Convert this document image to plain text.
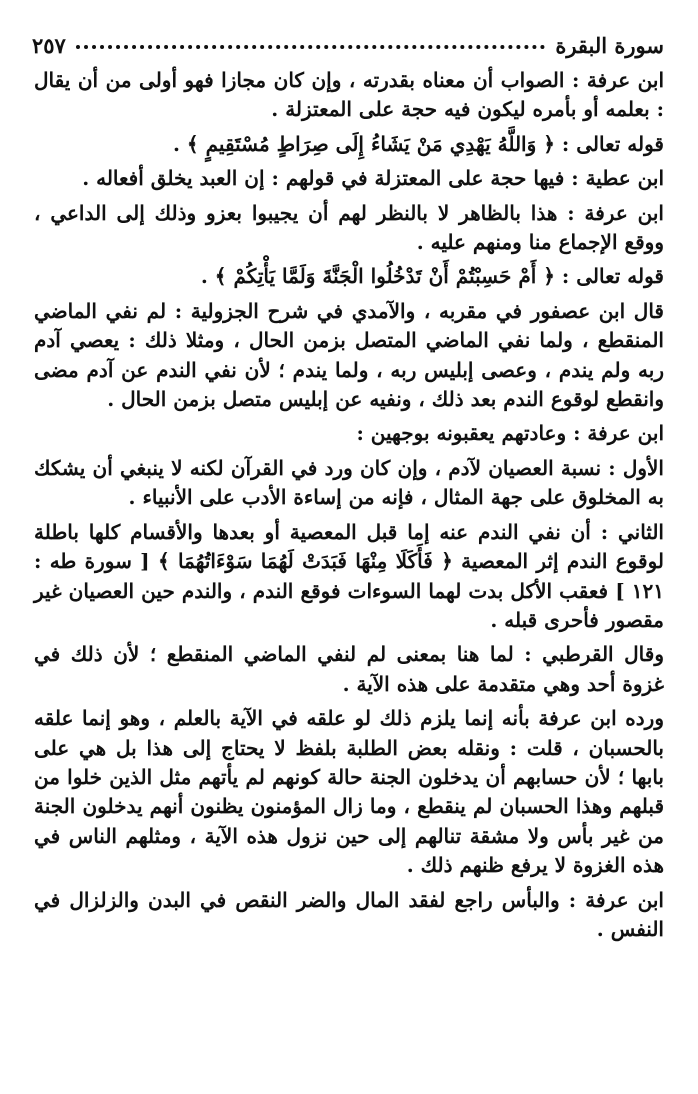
سورة البقرة
٢٥٧

ابن عرفة : الصواب أن معناه بقدرته ، وإن كان مجازا فهو أولى من أن يقال : بعلمه أو بأمره ليكون فيه حجة على المعتزلة .

قوله تعالى : ﴿ وَاللَّهُ يَهْدِي مَنْ يَشَاءُ إِلَى صِرَاطٍ مُسْتَقِيمٍ ﴾ .

ابن عطية : فيها حجة على المعتزلة في قولهم : إن العبد يخلق أفعاله .

ابن عرفة : هذا بالظاهر لا بالنظر لهم أن يجيبوا بعزو وذلك إلى الداعي ، ووقع الإجماع منا ومنهم عليه .

قوله تعالى : ﴿ أَمْ حَسِبْتُمْ أَنْ تَدْخُلُوا الْجَنَّةَ وَلَمَّا يَأْتِكُمْ ﴾ .

قال ابن عصفور في مقربه ، والآمدي في شرح الجزولية : لم نفي الماضي المنقطع ، ولما نفي الماضي المتصل بزمن الحال ، ومثلا ذلك : يعصي آدم ربه ولم يندم ، وعصى إبليس ربه ، ولما يندم ؛ لأن نفي الندم عن آدم مضى وانقطع لوقوع الندم بعد ذلك ، ونفيه عن إبليس متصل بزمن الحال .

ابن عرفة : وعادتهم يعقبونه بوجهين :

الأول : نسبة العصيان لآدم ، وإن كان ورد في القرآن لكنه لا ينبغي أن يشكك به المخلوق على جهة المثال ، فإنه من إساءة الأدب على الأنبياء .

الثاني : أن نفي الندم عنه إما قبل المعصية أو بعدها والأقسام كلها باطلة لوقوع الندم إثر المعصية ﴿ فَأَكَلَا مِنْهَا فَبَدَتْ لَهُمَا سَوْءَاتُهُمَا ﴾ [ سورة طه : ١٢١ ] فعقب الأكل بدت لهما السوءات فوقع الندم ، والندم حين العصيان غير مقصور فأحرى قبله .

وقال القرطبي : لما هنا بمعنى لم لنفي الماضي المنقطع ؛ لأن ذلك في غزوة أحد وهي متقدمة على هذه الآية .

ورده ابن عرفة بأنه إنما يلزم ذلك لو علقه في الآية بالعلم ، وهو إنما علقه بالحسبان ، قلت : ونقله بعض الطلبة بلفظ لا يحتاج إلى هذا بل هي على بابها ؛ لأن حسابهم أن يدخلون الجنة حالة كونهم لم يأتهم مثل الذين خلوا من قبلهم وهذا الحسبان لم ينقطع ، وما زال المؤمنون يظنون أنهم يدخلون الجنة من غير بأس ولا مشقة تنالهم إلى حين نزول هذه الآية ، ومثلهم الناس في هذه الغزوة لا يرفع ظنهم ذلك .

ابن عرفة : والبأس راجع لفقد المال والضر النقص في البدن والزلزال في النفس .
